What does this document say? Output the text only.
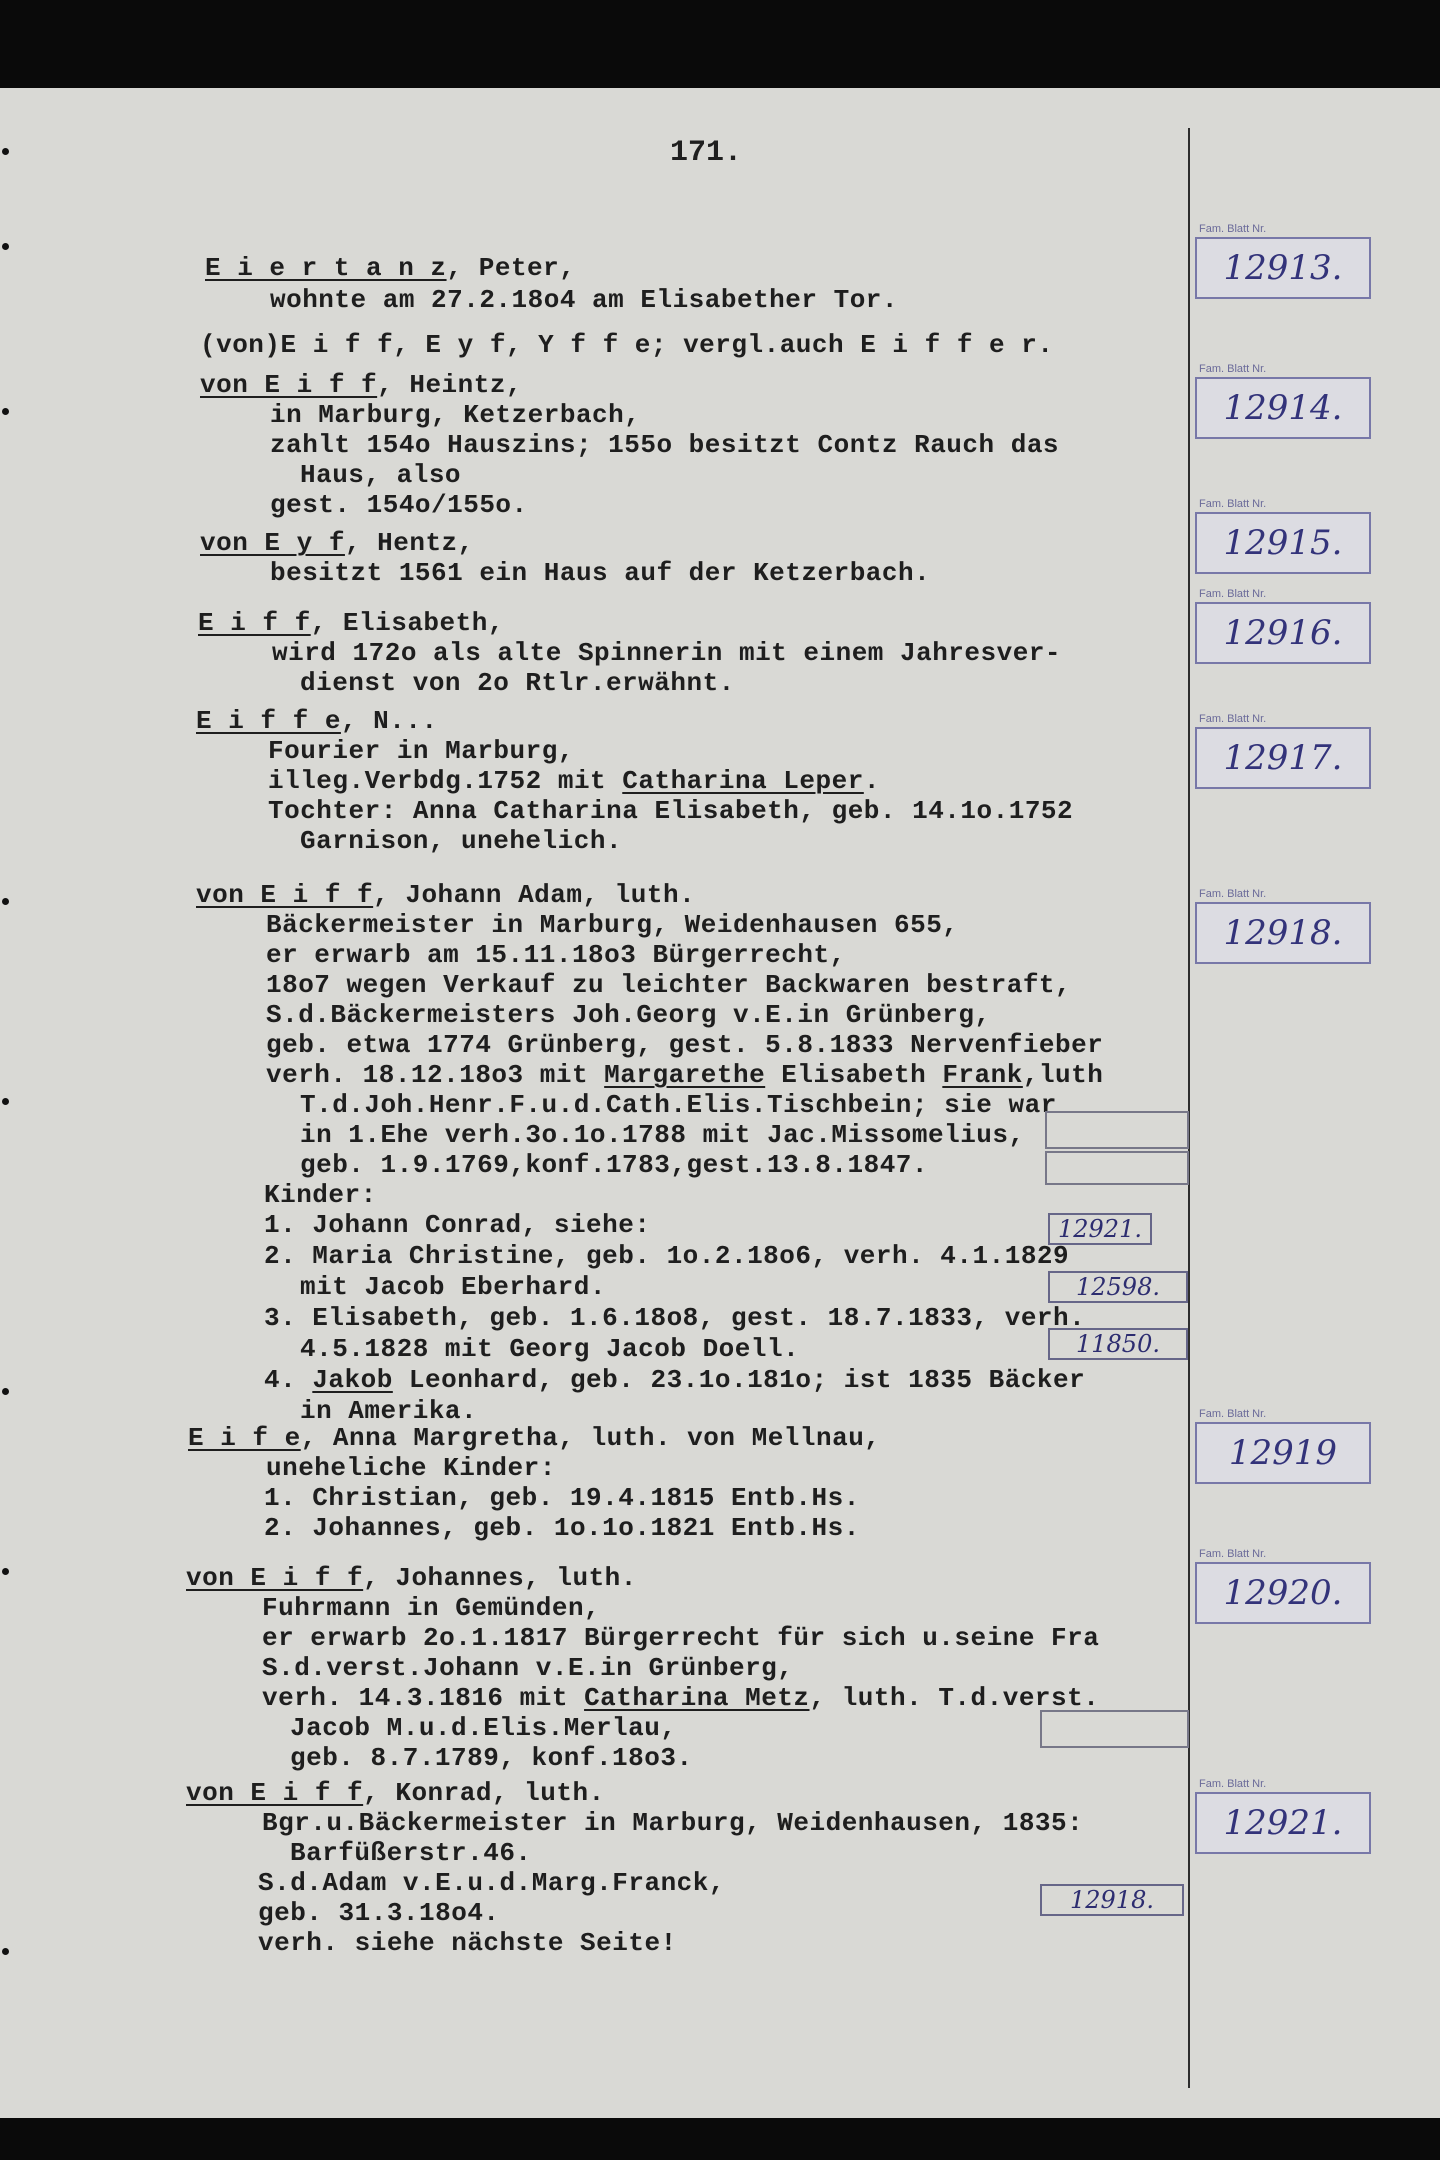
171.
E i e r t a n z, Peter,
wohnte am 27.2.18o4 am Elisabether Tor.
(von)E i f f, E y f, Y f f e; vergl.auch E i f f e r.
von E i f f, Heintz,
in Marburg, Ketzerbach,
zahlt 154o Hauszins; 155o besitzt Contz Rauch das
Haus, also
gest. 154o/155o.
von E y f, Hentz,
besitzt 1561 ein Haus auf der Ketzerbach.
E i f f, Elisabeth,
wird 172o als alte Spinnerin mit einem Jahresver-
dienst von 2o Rtlr.erwähnt.
E i f f e, N...
Fourier in Marburg,
illeg.Verbdg.1752 mit Catharina Leper.
Tochter: Anna Catharina Elisabeth, geb. 14.1o.1752
Garnison, unehelich.
von E i f f, Johann Adam, luth.
Bäckermeister in Marburg, Weidenhausen 655,
er erwarb am 15.11.18o3 Bürgerrecht,
18o7 wegen Verkauf zu leichter Backwaren bestraft,
S.d.Bäckermeisters Joh.Georg v.E.in Grünberg,
geb. etwa 1774 Grünberg, gest. 5.8.1833 Nervenfieber
verh. 18.12.18o3 mit Margarethe Elisabeth Frank,luth
T.d.Joh.Henr.F.u.d.Cath.Elis.Tischbein; sie war
in 1.Ehe verh.3o.1o.1788 mit Jac.Missomelius,
geb. 1.9.1769,konf.1783,gest.13.8.1847.
Kinder:
1. Johann Conrad, siehe:
2. Maria Christine, geb. 1o.2.18o6, verh. 4.1.1829
mit Jacob Eberhard.
3. Elisabeth, geb. 1.6.18o8, gest. 18.7.1833, verh.
4.5.1828 mit Georg Jacob Doell.
4. Jakob Leonhard, geb. 23.1o.181o; ist 1835 Bäcker
in Amerika.
E i f e, Anna Margretha, luth. von Mellnau,
uneheliche Kinder:
1. Christian, geb. 19.4.1815 Entb.Hs.
2. Johannes, geb. 1o.1o.1821 Entb.Hs.
von E i f f, Johannes, luth.
Fuhrmann in Gemünden,
er erwarb 2o.1.1817 Bürgerrecht für sich u.seine Fra
S.d.verst.Johann v.E.in Grünberg,
verh. 14.3.1816 mit Catharina Metz, luth. T.d.verst.
Jacob M.u.d.Elis.Merlau,
geb. 8.7.1789, konf.18o3.
von E i f f, Konrad, luth.
Bgr.u.Bäckermeister in Marburg, Weidenhausen, 1835:
Barfüßerstr.46.
S.d.Adam v.E.u.d.Marg.Franck,
geb. 31.3.18o4.
verh. siehe nächste Seite!
Fam. Blatt Nr.
12913.
Fam. Blatt Nr.
12914.
Fam. Blatt Nr.
12915.
Fam. Blatt Nr.
12916.
Fam. Blatt Nr.
12917.
Fam. Blatt Nr.
12918.
Fam. Blatt Nr.
12919
Fam. Blatt Nr.
12920.
Fam. Blatt Nr.
12921.
12921.
12598.
11850.
12918.
